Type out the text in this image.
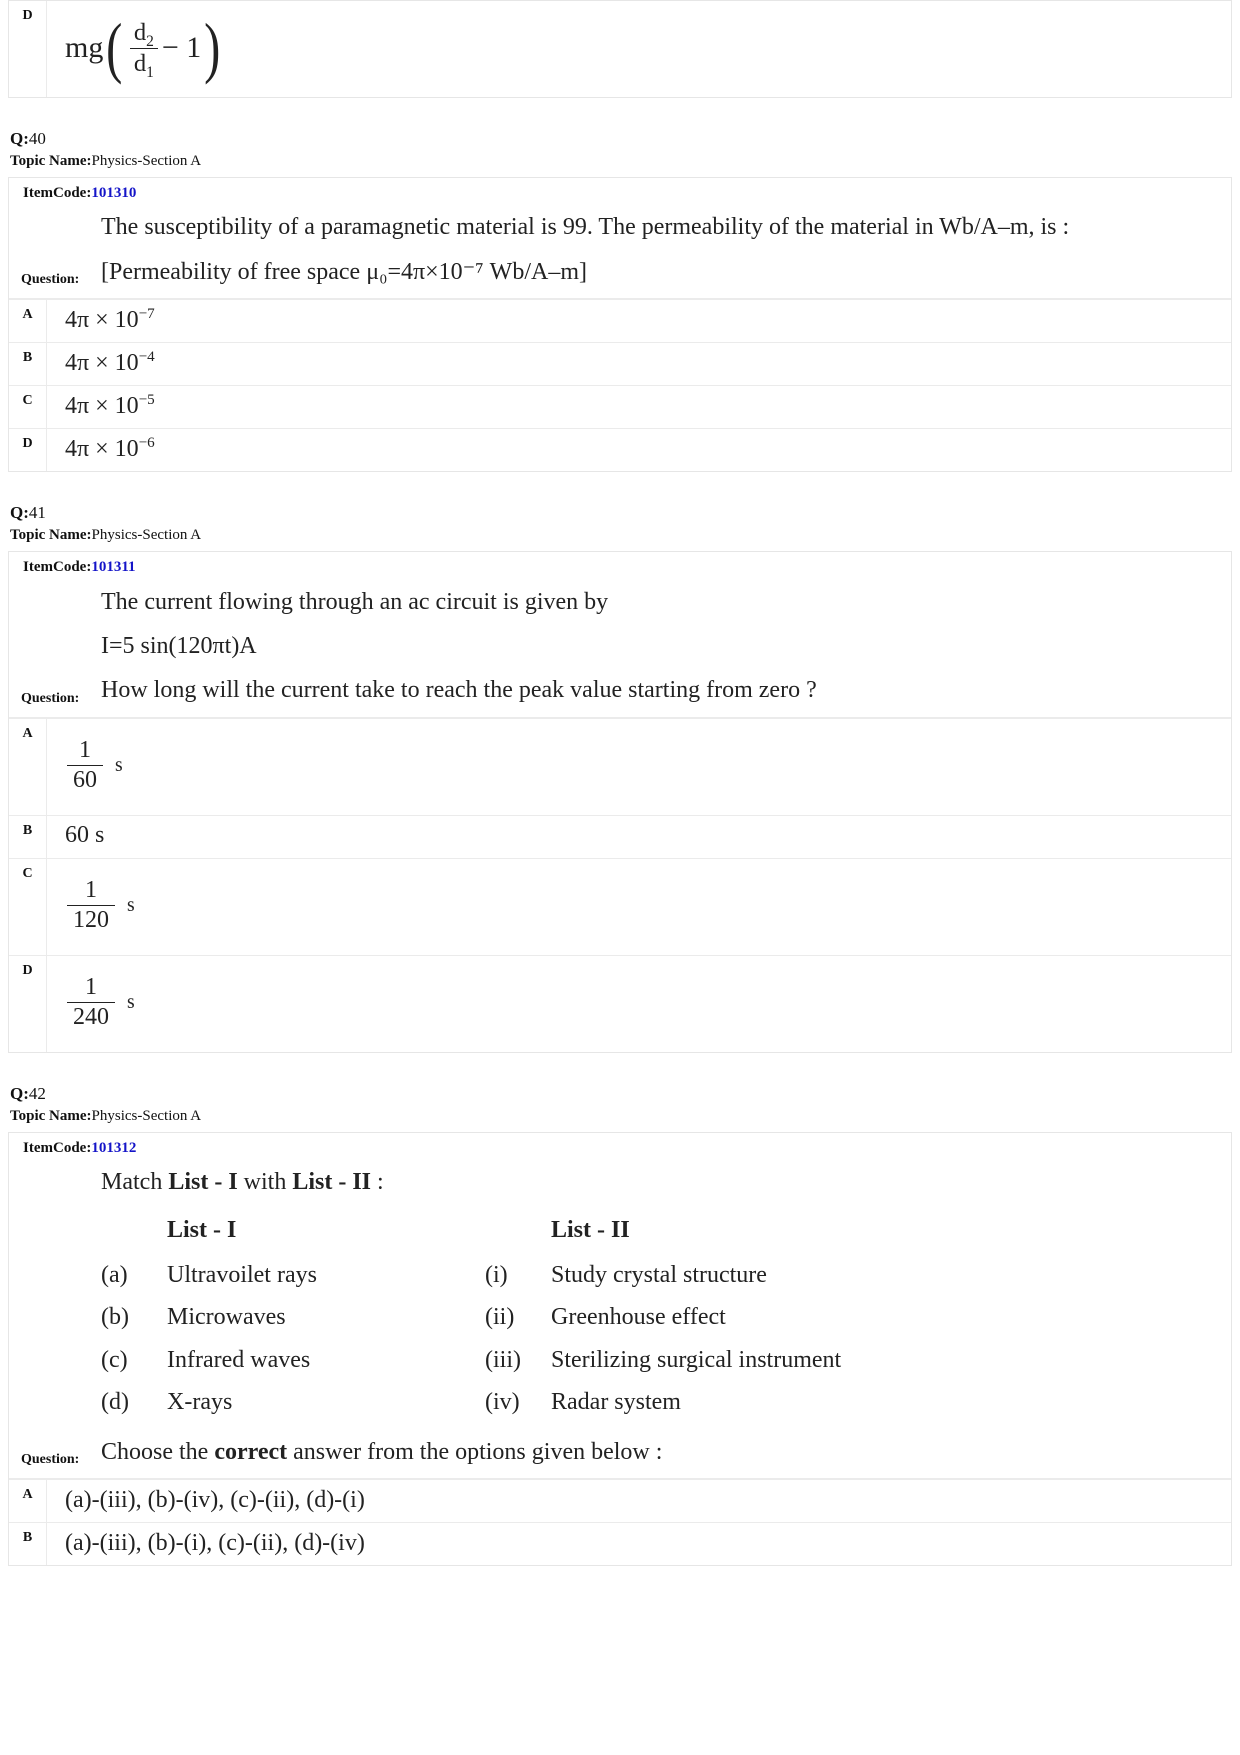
D
mg ( $\frac{d_2}{d_1} - 1$ )
Q:40
Topic Name:Physics-Section A
ItemCode:101310
Question:
The susceptibility of a paramagnetic material is 99. The permeability of the material in Wb/A–m, is :
[Permeability of free space μ₀=4π×10⁻⁷ Wb/A–m]
A	$4\pi \times 10^{-7}$
B	$4\pi \times 10^{-4}$
C	$4\pi \times 10^{-5}$
D	$4\pi \times 10^{-6}$
Q:41
Topic Name:Physics-Section A
ItemCode:101311
Question:
The current flowing through an ac circuit is given by
I=5 sin(120πt)A
How long will the current take to reach the peak value starting from zero ?
A
$\frac{1}{60}$ s
B	60 s
C
$\frac{1}{120}$ s
D
$\frac{1}{240}$ s
Q:42
Topic Name:Physics-Section A
ItemCode:101312
Question:
Match List - I with List - II :
	List - I		List - II
(a)	Ultravoilet rays	(i)	Study crystal structure
(b)	Microwaves	(ii)	Greenhouse effect
(c)	Infrared waves	(iii)	Sterilizing surgical instrument
(d)	X-rays	(iv)	Radar system
Choose the correct answer from the options given below :
A	(a)-(iii), (b)-(iv), (c)-(ii), (d)-(i)
B	(a)-(iii), (b)-(i), (c)-(ii), (d)-(iv)
